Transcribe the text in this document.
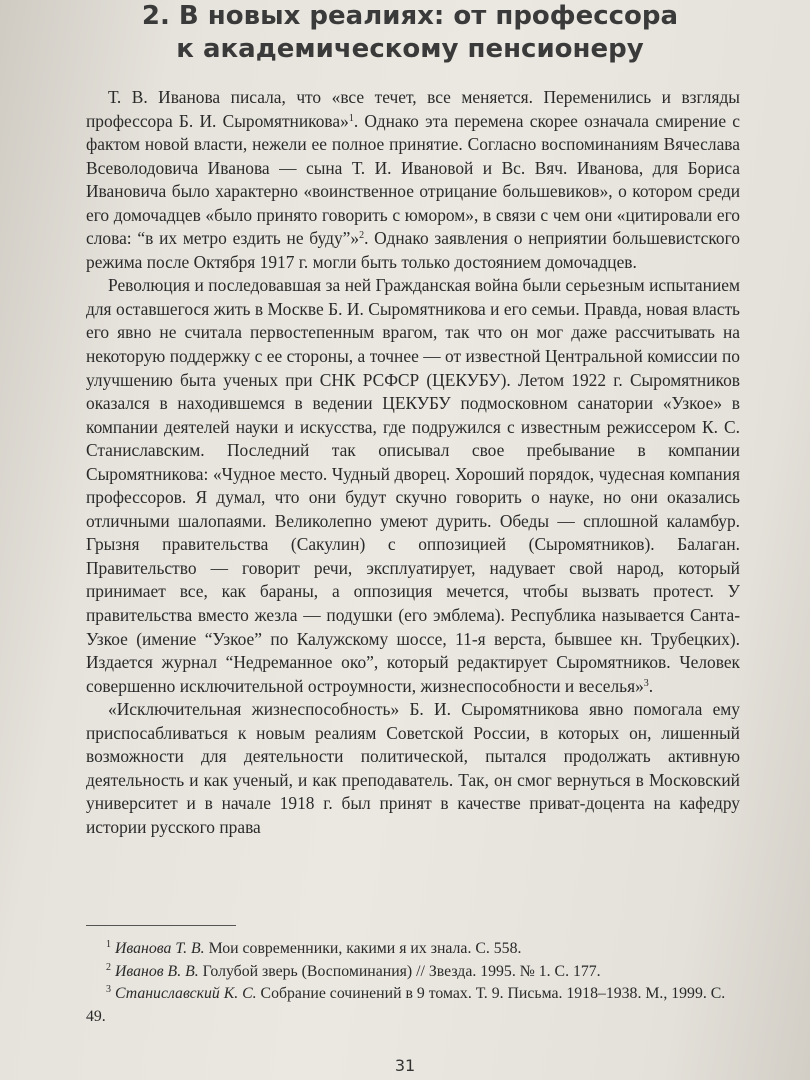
2. В новых реалиях: от профессора
к академическому пенсионеру

Т. В. Иванова писала, что «все течет, все меняется. Переменились и взгляды профессора Б. И. Сыромятникова»$^1$. Однако эта перемена скорее означала смирение с фактом новой власти, нежели ее полное принятие. Согласно воспоминаниям Вячеслава Всеволодовича Иванова — сына Т. И. Ивановой и Вс. Вяч. Иванова, для Бориса Ивановича было характерно «воинственное отрицание большевиков», о котором среди его домочадцев «было принято говорить с юмором», в связи с чем они «цитировали его слова: “в их метро ездить не буду”»$^2$. Однако заявления о неприятии большевистского режима после Октября 1917 г. могли быть только достоянием домочадцев.

Революция и последовавшая за ней Гражданская война были серьезным испытанием для оставшегося жить в Москве Б. И. Сыромятникова и его семьи. Правда, новая власть его явно не считала первостепенным врагом, так что он мог даже рассчитывать на некоторую поддержку с ее стороны, а точнее — от известной Центральной комиссии по улучшению быта ученых при СНК РСФСР (ЦЕКУБУ). Летом 1922 г. Сыромятников оказался в находившемся в ведении ЦЕКУБУ подмосковном санатории «Узкое» в компании деятелей науки и искусства, где подружился с известным режиссером К. С. Станиславским. Последний так описывал свое пребывание в компании Сыромятникова: «Чудное место. Чудный дворец. Хороший порядок, чудесная компания профессоров. Я думал, что они будут скучно говорить о науке, но они оказались отличными шалопаями. Великолепно умеют дурить. Обеды — сплошной каламбур. Грызня правительства (Сакулин) с оппозицией (Сыромятников). Балаган. Правительство — говорит речи, эксплуатирует, надувает свой народ, который принимает все, как бараны, а оппозиция мечется, чтобы вызвать протест. У правительства вместо жезла — подушки (его эмблема). Республика называется Санта-Узкое (имение “Узкое” по Калужскому шоссе, 11-я верста, бывшее кн. Трубецких). Издается журнал “Недреманное око”, который редактирует Сыромятников. Человек совершенно исключительной остроумности, жизнеспособности и веселья»$^3$.

«Исключительная жизнеспособность» Б. И. Сыромятникова явно помогала ему приспосабливаться к новым реалиям Советской России, в которых он, лишенный возможности для деятельности политической, пытался продолжать активную деятельность и как ученый, и как преподаватель. Так, он смог вернуться в Московский университет и в начале 1918 г. был принят в качестве приват-доцента на кафедру истории русского права

$^1$ Иванова Т. В. Мои современники, какими я их знала. С. 558.

$^2$ Иванов В. В. Голубой зверь (Воспоминания) // Звезда. 1995. № 1. С. 177.

$^3$ Станиславский К. С. Собрание сочинений в 9 томах. Т. 9. Письма. 1918–1938. М., 1999. С. 49.

31
